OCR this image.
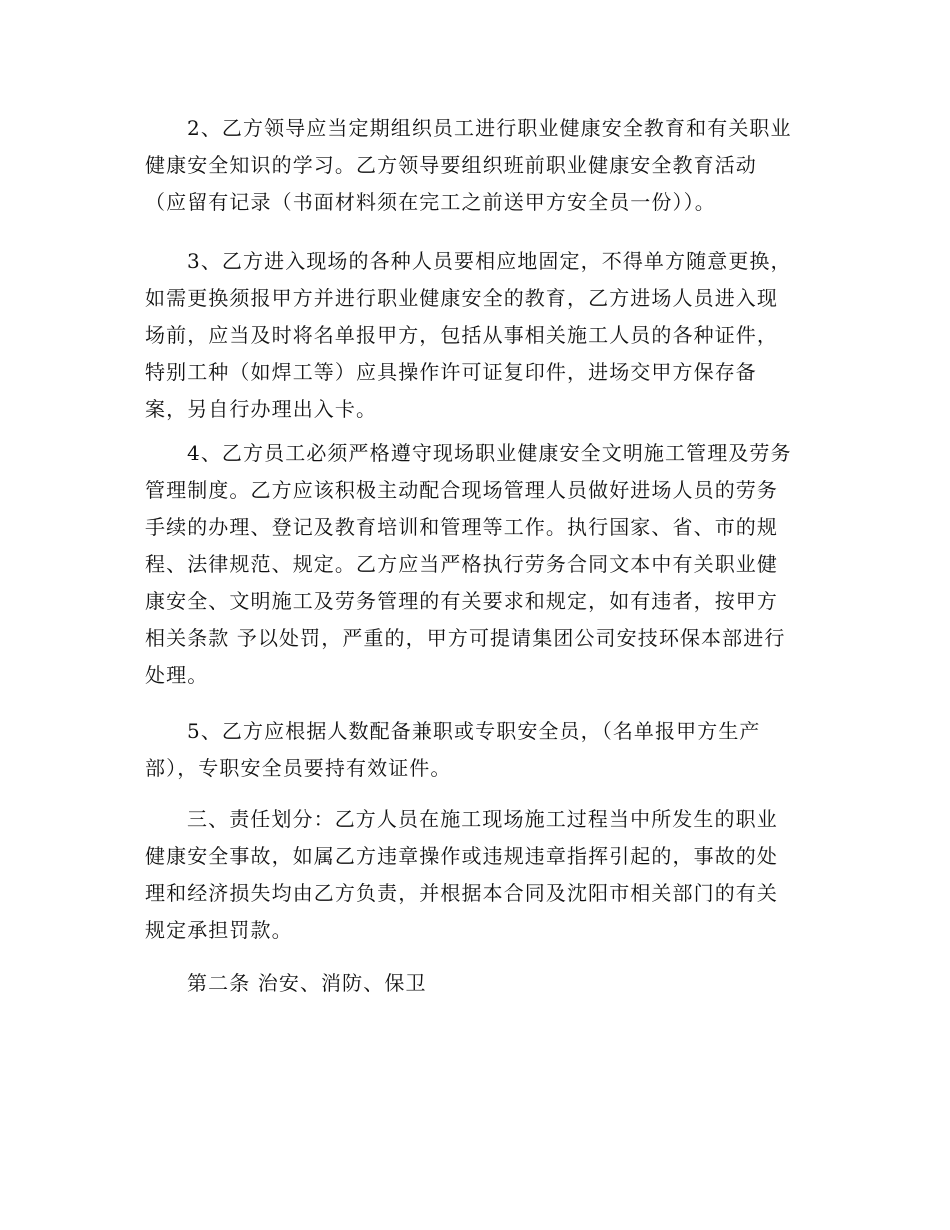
2、乙方领导应当定期组织员工进行职业健康安全教育和有关职业
健康安全知识的学习。乙方领导要组织班前职业健康安全教育活动
（应留有记录（书面材料须在完工之前送甲方安全员一份））。

3、乙方进入现场的各种人员要相应地固定，不得单方随意更换，
如需更换须报甲方并进行职业健康安全的教育，乙方进场人员进入现
场前，应当及时将名单报甲方，包括从事相关施工人员的各种证件，
特别工种（如焊工等）应具操作许可证复印件，进场交甲方保存备
案，另自行办理出入卡。

4、乙方员工必须严格遵守现场职业健康安全文明施工管理及劳务
管理制度。乙方应该积极主动配合现场管理人员做好进场人员的劳务
手续的办理、登记及教育培训和管理等工作。执行国家、省、市的规
程、法律规范、规定。乙方应当严格执行劳务合同文本中有关职业健
康安全、文明施工及劳务管理的有关要求和规定，如有违者，按甲方
相关条款 予以处罚，严重的，甲方可提请集团公司安技环保本部进行
处理。

5、乙方应根据人数配备兼职或专职安全员，（名单报甲方生产
部），专职安全员要持有效证件。

三、责任划分：乙方人员在施工现场施工过程当中所发生的职业
健康安全事故，如属乙方违章操作或违规违章指挥引起的，事故的处
理和经济损失均由乙方负责，并根据本合同及沈阳市相关部门的有关
规定承担罚款。

第二条 治安、消防、保卫
